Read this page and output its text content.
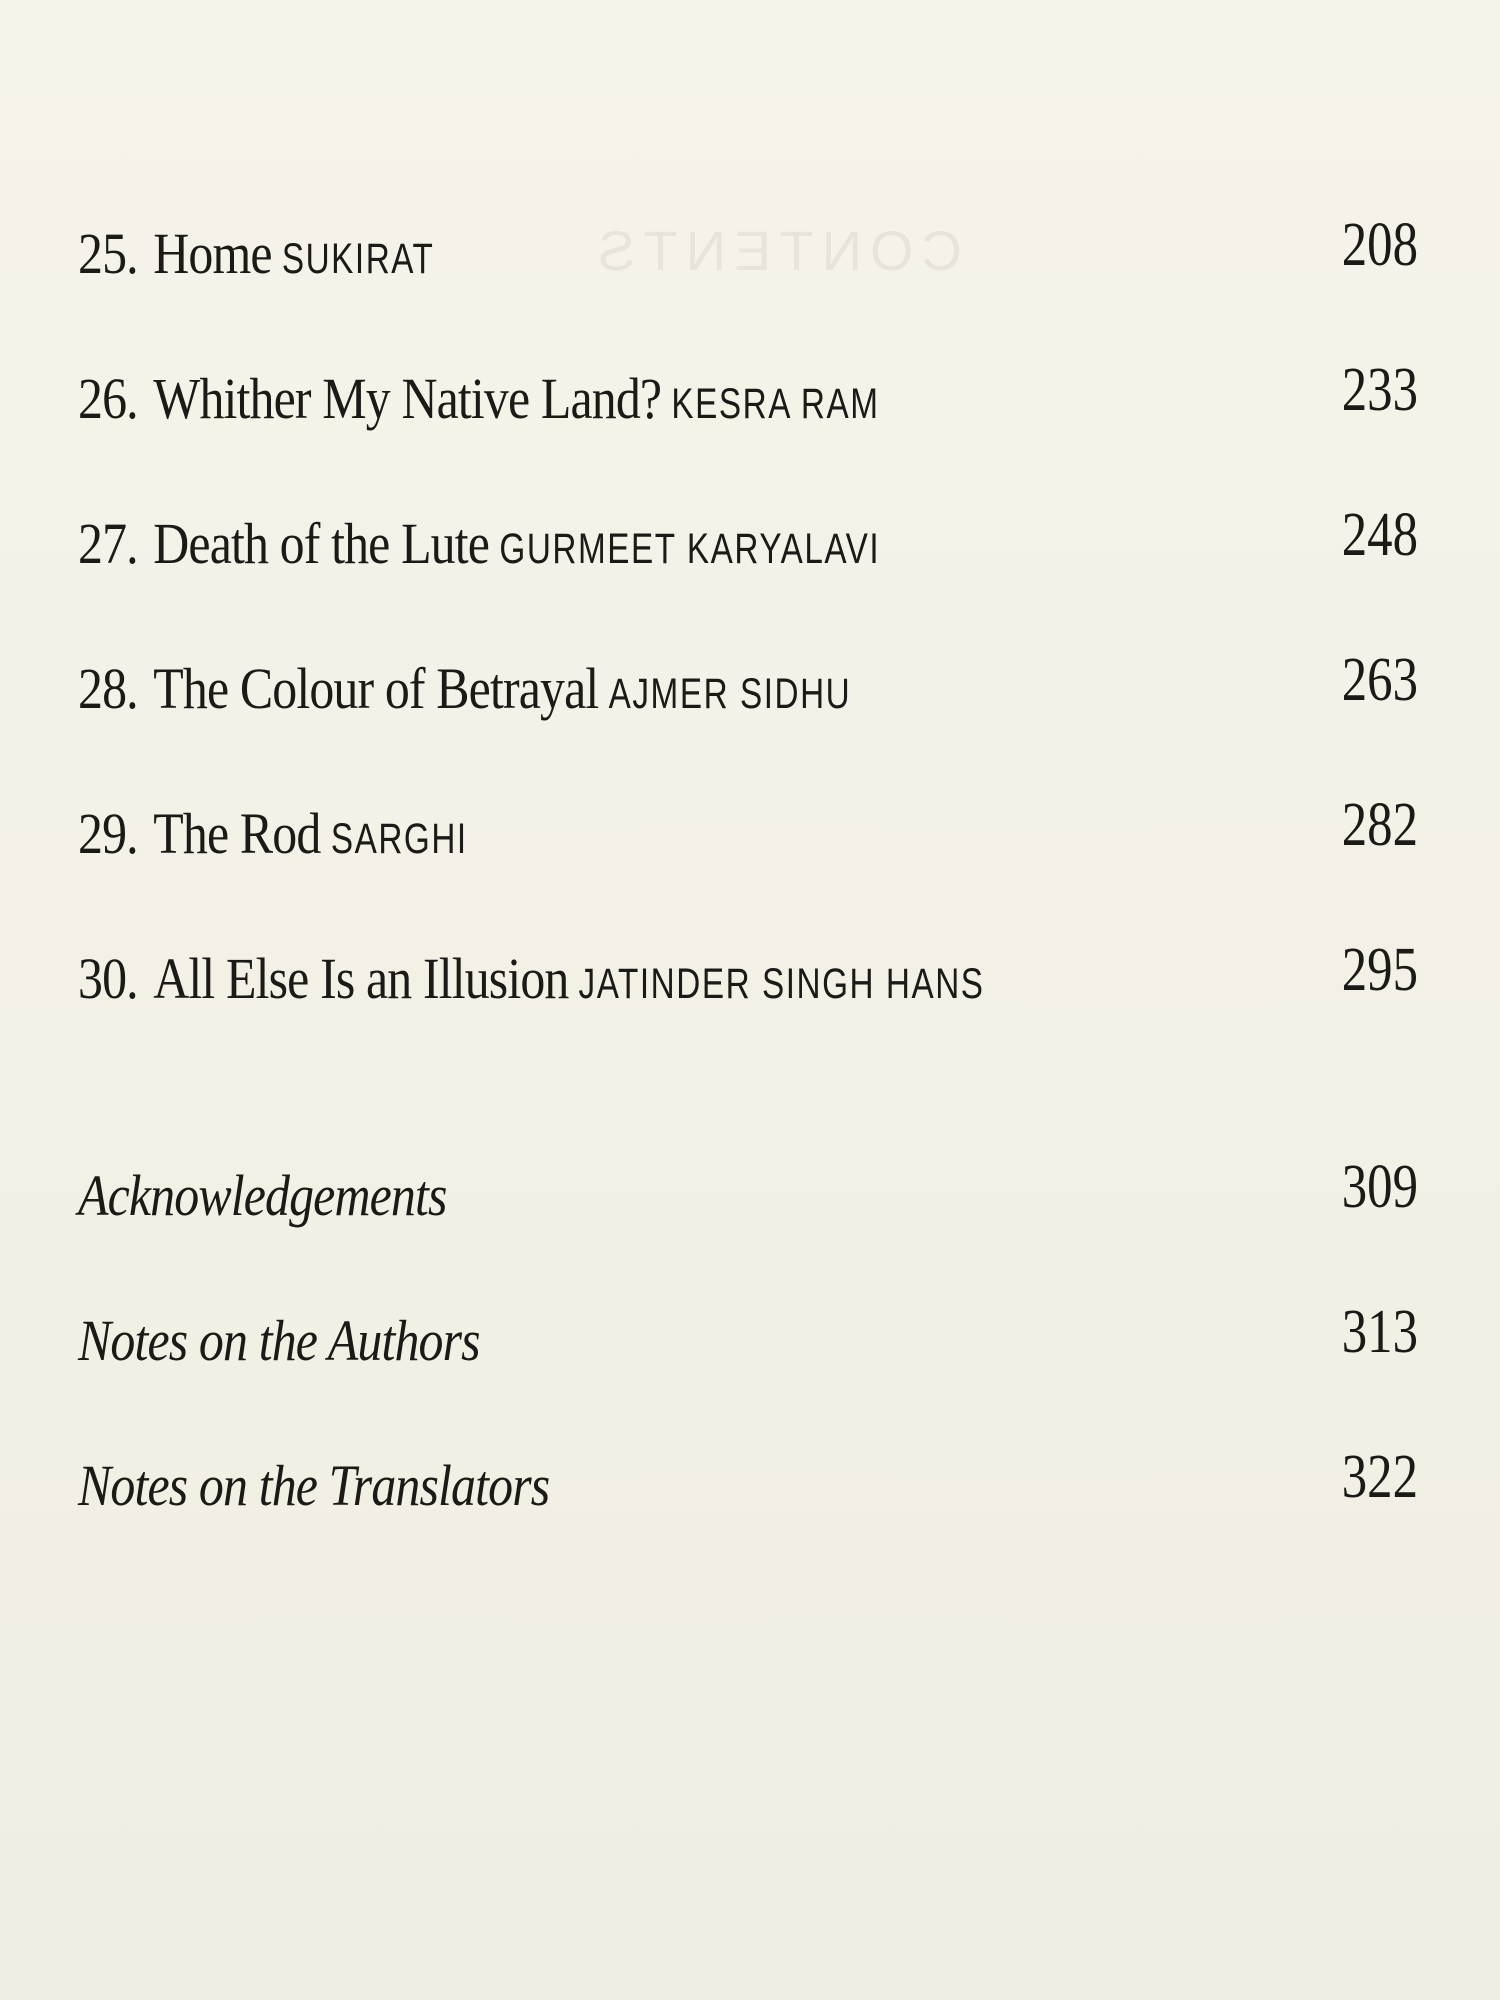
CONTENTS
25. Home SUKIRAT	208
26. Whither My Native Land? KESRA RAM	233
27. Death of the Lute GURMEET KARYALAVI	248
28. The Colour of Betrayal AJMER SIDHU	263
29. The Rod SARGHI	282
30. All Else Is an Illusion JATINDER SINGH HANS	295
Acknowledgements	309
Notes on the Authors	313
Notes on the Translators	322
